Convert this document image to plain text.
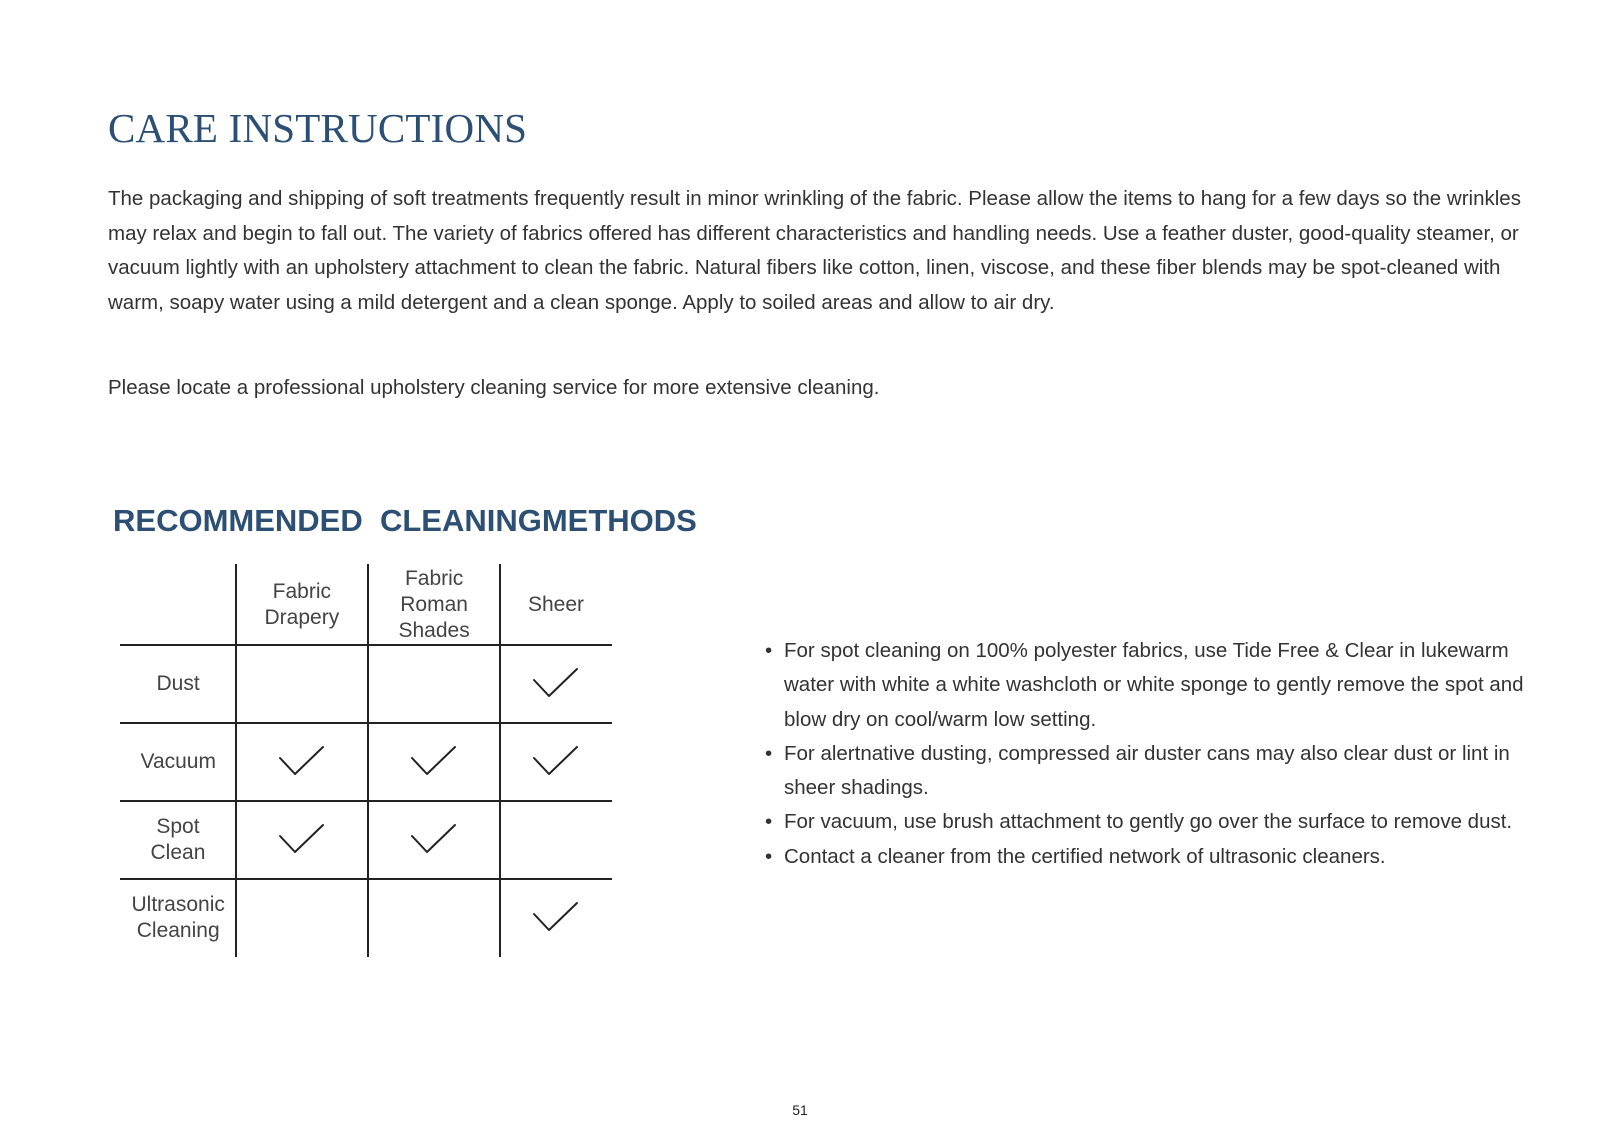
CARE INSTRUCTIONS

The packaging and shipping of soft treatments frequently result in minor wrinkling of the fabric. Please allow the items to hang for a few days so the wrinkles may relax and begin to fall out. The variety of fabrics offered has different characteristics and handling needs. Use a feather duster, good-quality steamer, or vacuum lightly with an upholstery attachment to clean the fabric. Natural fibers like cotton, linen, viscose, and these fiber blends may be spot-cleaned with warm, soapy water using a mild detergent and a clean sponge. Apply to soiled areas and allow to air dry.

Please locate a professional upholstery cleaning service for more extensive cleaning.

RECOMMENDED  CLEANINGMETHODS
Fabric
Drapery
Fabric
Roman
Shades
Sheer
Dust
Vacuum
Spot
Clean
Ultrasonic
Cleaning
• For spot cleaning on 100% polyester fabrics, use Tide Free & Clear in lukewarm water with white a white washcloth or white sponge to gently remove the spot and blow dry on cool/warm low setting.
• For alertnative dusting, compressed air duster cans may also clear dust or lint in sheer shadings.
• For vacuum, use brush attachment to gently go over the surface to remove dust.
• Contact a cleaner from the certified network of ultrasonic cleaners.
51
